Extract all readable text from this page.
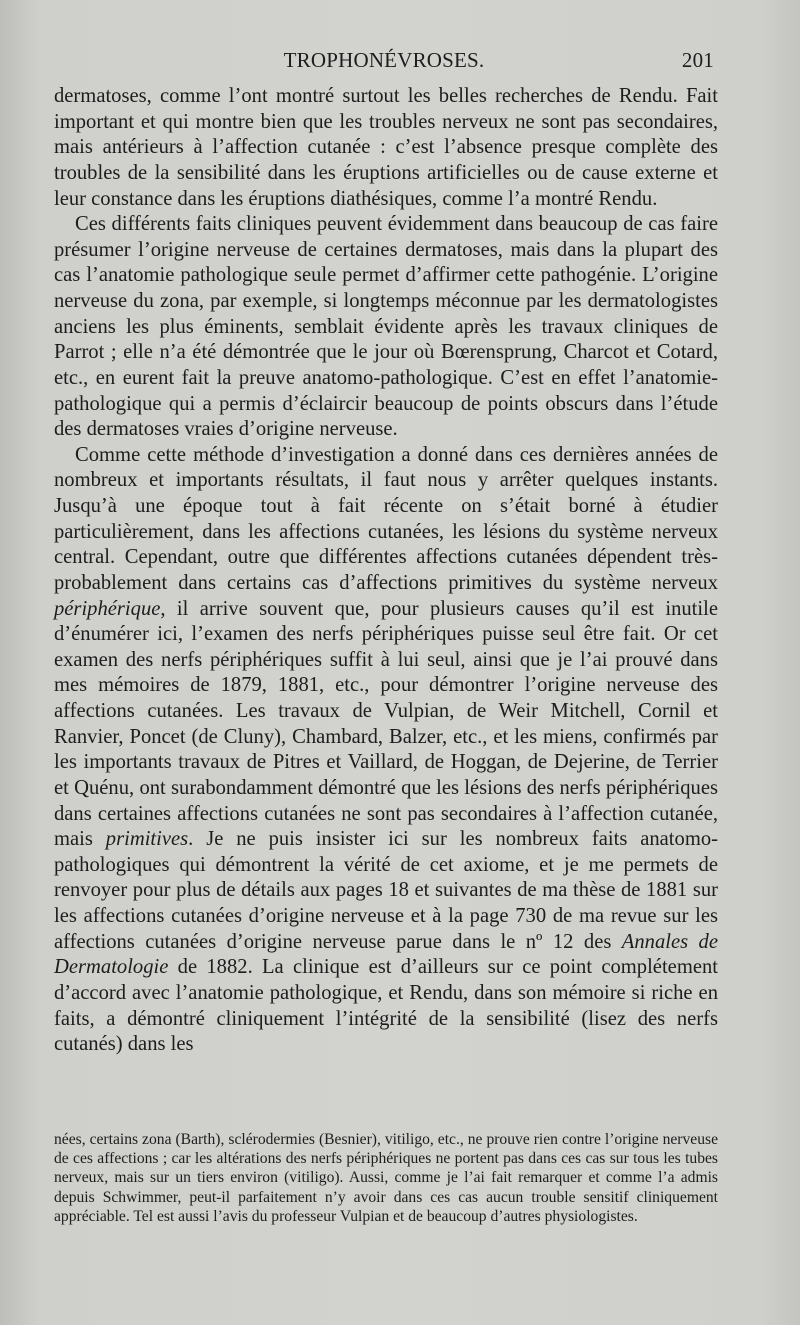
TROPHONÉVROSES.	201

dermatoses, comme l’ont montré surtout les belles recherches de Rendu. Fait important et qui montre bien que les troubles nerveux ne sont pas secondaires, mais antérieurs à l’affection cutanée : c’est l’absence presque complète des troubles de la sensibilité dans les éruptions artificielles ou de cause externe et leur constance dans les éruptions diathésiques, comme l’a montré Rendu.

Ces différents faits cliniques peuvent évidemment dans beaucoup de cas faire présumer l’origine nerveuse de certaines dermatoses, mais dans la plupart des cas l’anatomie pathologique seule permet d’affirmer cette pathogénie. L’origine nerveuse du zona, par exemple, si longtemps méconnue par les dermatologistes anciens les plus éminents, semblait évidente après les travaux cliniques de Parrot ; elle n’a été démontrée que le jour où Bœrensprung, Charcot et Cotard, etc., en eurent fait la preuve anatomo-pathologique. C’est en effet l’anatomie-pathologique qui a permis d’éclaircir beaucoup de points obscurs dans l’étude des dermatoses vraies d’origine nerveuse.

Comme cette méthode d’investigation a donné dans ces dernières années de nombreux et importants résultats, il faut nous y arrêter quelques instants. Jusqu’à une époque tout à fait récente on s’était borné à étudier particulièrement, dans les affections cutanées, les lésions du système nerveux central. Cependant, outre que différentes affections cutanées dépendent très-probablement dans certains cas d’affections primitives du système nerveux périphérique, il arrive souvent que, pour plusieurs causes qu’il est inutile d’énumérer ici, l’examen des nerfs périphériques puisse seul être fait. Or cet examen des nerfs périphériques suffit à lui seul, ainsi que je l’ai prouvé dans mes mémoires de 1879, 1881, etc., pour démontrer l’origine nerveuse des affections cutanées. Les travaux de Vulpian, de Weir Mitchell, Cornil et Ranvier, Poncet (de Cluny), Chambard, Balzer, etc., et les miens, confirmés par les importants travaux de Pitres et Vaillard, de Hoggan, de Dejerine, de Terrier et Quénu, ont surabondamment démontré que les lésions des nerfs périphériques dans certaines affections cutanées ne sont pas secondaires à l’affection cutanée, mais primitives. Je ne puis insister ici sur les nombreux faits anatomo-pathologiques qui démontrent la vérité de cet axiome, et je me permets de renvoyer pour plus de détails aux pages 18 et suivantes de ma thèse de 1881 sur les affections cutanées d’origine nerveuse et à la page 730 de ma revue sur les affections cutanées d’origine nerveuse parue dans le nº 12 des Annales de Dermatologie de 1882. La clinique est d’ailleurs sur ce point complétement d’accord avec l’anatomie pathologique, et Rendu, dans son mémoire si riche en faits, a démontré cliniquement l’intégrité de la sensibilité (lisez des nerfs cutanés) dans les

nées, certains zona (Barth), sclérodermies (Besnier), vitiligo, etc., ne prouve rien contre l’origine nerveuse de ces affections ; car les altérations des nerfs périphériques ne portent pas dans ces cas sur tous les tubes nerveux, mais sur un tiers environ (vitiligo). Aussi, comme je l’ai fait remarquer et comme l’a admis depuis Schwimmer, peut-il parfaitement n’y avoir dans ces cas aucun trouble sensitif cliniquement appréciable. Tel est aussi l’avis du professeur Vulpian et de beaucoup d’autres physiologistes.
